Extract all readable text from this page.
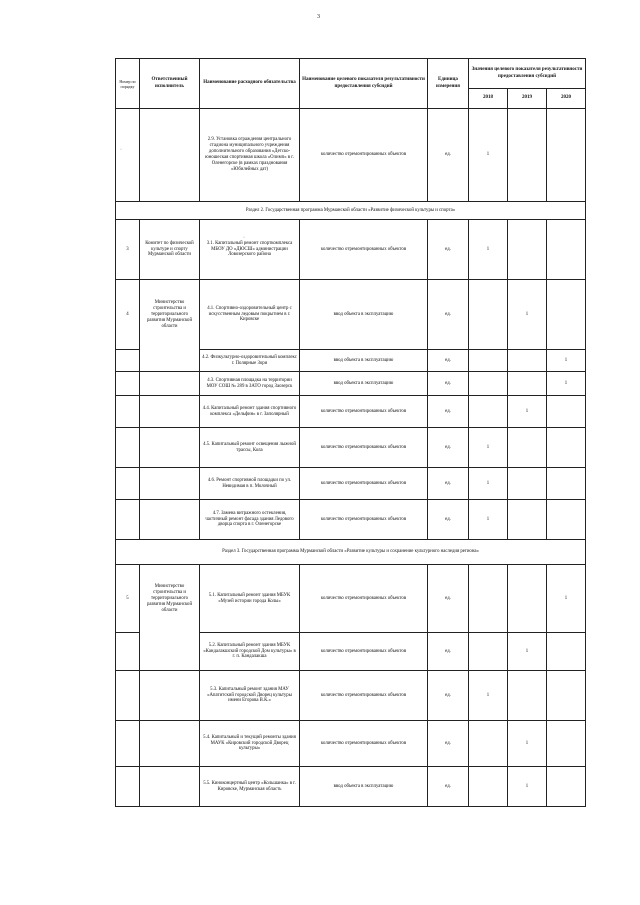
3
·
·
Номер по порядку	Ответственный исполнитель	Наименование расходного обязательства	Наименование целевого показателя результативности предоставления субсидий	Единица измерения	Значения целевого показателя результативности предоставления субсидий		
					2018	2019	2020
		2.9. Установка ограждения центрального стадиона муниципального учреждения дополнительного образования «Детско-юношеская спортивная школа «Олимп» в г. Оленегорске (в рамках празднования «Юбилейных дат)	количество отремонтированных объектов	ед.	1		
Раздел 2. Государственная программа Мурманской области «Развитие физической культуры и спорта»							
3	Комитет по физической культуре и спорту Мурманской области	3.1. Капитальный ремонт спорткомплекса МБОУ ДО «ДЮСШ» администрации Ловозерского района	количество отремонтированных объектов	ед.	1		
4	Министерство строительства и территориального развития Мурманской области	4.1. Спортивно-оздоровительный центр с искусственным ледовым покрытием в г. Кировске	ввод объекта в эксплуатацию	ед.		1	
		4.2. Физкультурно-оздоровительный комплекс г. Полярные Зори	ввод объекта в эксплуатацию	ед.			1
		4.3. Спортивная площадка на территории МОУ СОШ № 289 в ЗАТО город Заозерск	ввод объекта в эксплуатацию	ед.			1
		4.4. Капитальный ремонт здания спортивного комплекса «Дельфин» в г. Заполярный	количество отремонтированных объектов	ед.		1	
		4.5. Капитальный ремонт освещения лыжной трассы, Кола	количество отремонтированных объектов	ед.	1		
		4.6. Ремонт спортивной площадки по ул. Невидимая в п. Молочный	количество отремонтированных объектов	ед.	1		
		4.7. Замена витражного остекления, частичный ремонт фасада здания Ледового дворца спорта в г. Оленегорске	количество отремонтированных объектов	ед.	1		
Раздел 3. Государственная программа Мурманской области «Развитие культуры и сохранение культурного наследия региона»							
5	Министерство строительства и территориального развития Мурманской области	5.1. Капитальный ремонт здания МБУК «Музей истории города Колы»	количество отремонтированных объектов	ед.			1
		5.2. Капитальный ремонт здания МБУК «Кандалакшский городской Дом культуры» в г. п. Кандалакша	количество отремонтированных объектов	ед.		1	
		5.3. Капитальный ремонт здания МАУ «Апатитский городской Дворец культуры имени Егорова В.К.»	количество отремонтированных объектов	ед.	1		
		5.4. Капитальный и текущий ремонты здания МАУК «Кировский городской Дворец культуры»	количество отремонтированных объектов	ед.		1	
		5.5. Киноконцертный центр «Кольшанка» в г. Кировске, Мурманская область	ввод объекта в эксплуатацию	ед.		1	
